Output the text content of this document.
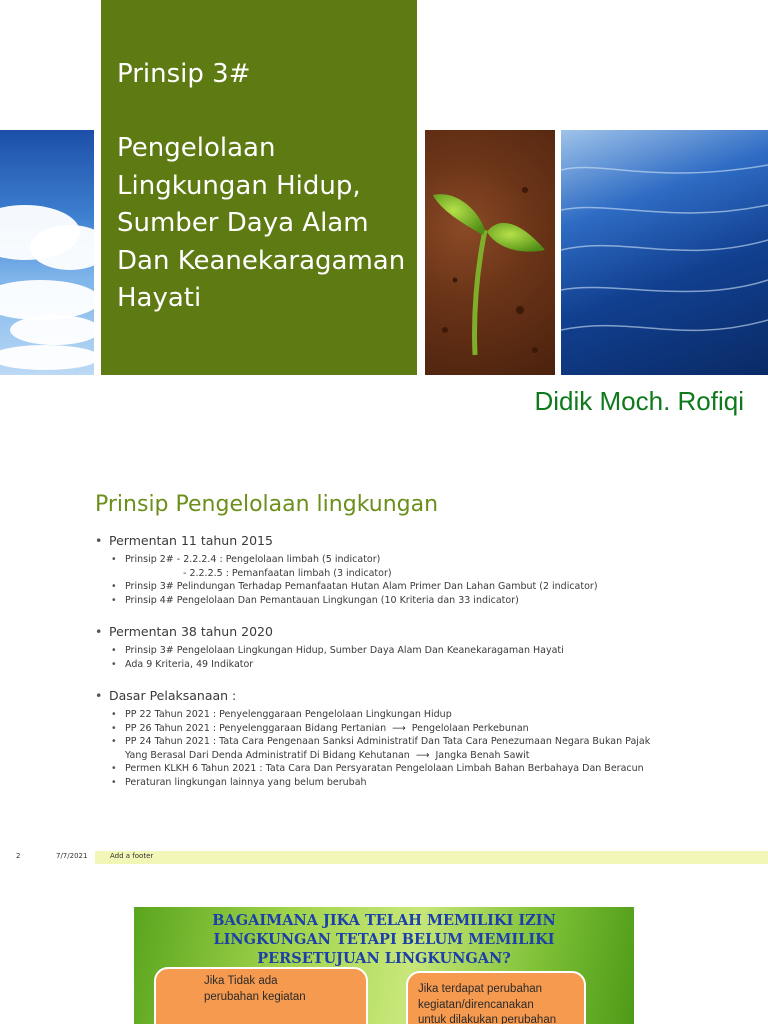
Prinsip 3#
Pengelolaan Lingkungan Hidup, Sumber Daya Alam Dan Keanekaragaman Hayati
Didik Moch. Rofiqi
Prinsip Pengelolaan lingkungan
• Permentan 11 tahun 2015
• Prinsip 2# - 2.2.2.4 : Pengelolaan limbah (5 indicator)
- 2.2.2.5 : Pemanfaatan limbah (3 indicator)
• Prinsip 3# Pelindungan Terhadap Pemanfaatan Hutan Alam Primer Dan Lahan Gambut (2 indicator)
• Prinsip 4# Pengelolaan Dan Pemantauan Lingkungan (10 Kriteria dan 33 indicator)
• Permentan 38 tahun 2020
• Prinsip 3# Pengelolaan Lingkungan Hidup, Sumber Daya Alam Dan Keanekaragaman Hayati
• Ada 9 Kriteria, 49 Indikator
• Dasar Pelaksanaan :
• PP 22 Tahun 2021 : Penyelenggaraan Pengelolaan Lingkungan Hidup
• PP 26 Tahun 2021 : Penyelenggaraan Bidang Pertanian ⟶ Pengelolaan Perkebunan
• PP 24 Tahun 2021 : Tata Cara Pengenaan Sanksi Administratif Dan Tata Cara Penezumaan Negara Bukan Pajak
Yang Berasal Dari Denda Administratif Di Bidang Kehutanan ⟶ Jangka Benah Sawit
• Permen KLKH 6 Tahun 2021 : Tata Cara Dan Persyaratan Pengelolaan Limbah Bahan Berbahaya Dan Beracun
• Peraturan lingkungan lainnya yang belum berubah
2	7/7/2021	Add a footer
BAGAIMANA JIKA TELAH MEMILIKI IZIN
LINGKUNGAN TETAPI BELUM MEMILIKI
PERSETUJUAN LINGKUNGAN?
Jika Tidak ada
perubahan kegiatan
Jika terdapat perubahan
kegiatan/direncanakan
untuk dilakukan perubahan
